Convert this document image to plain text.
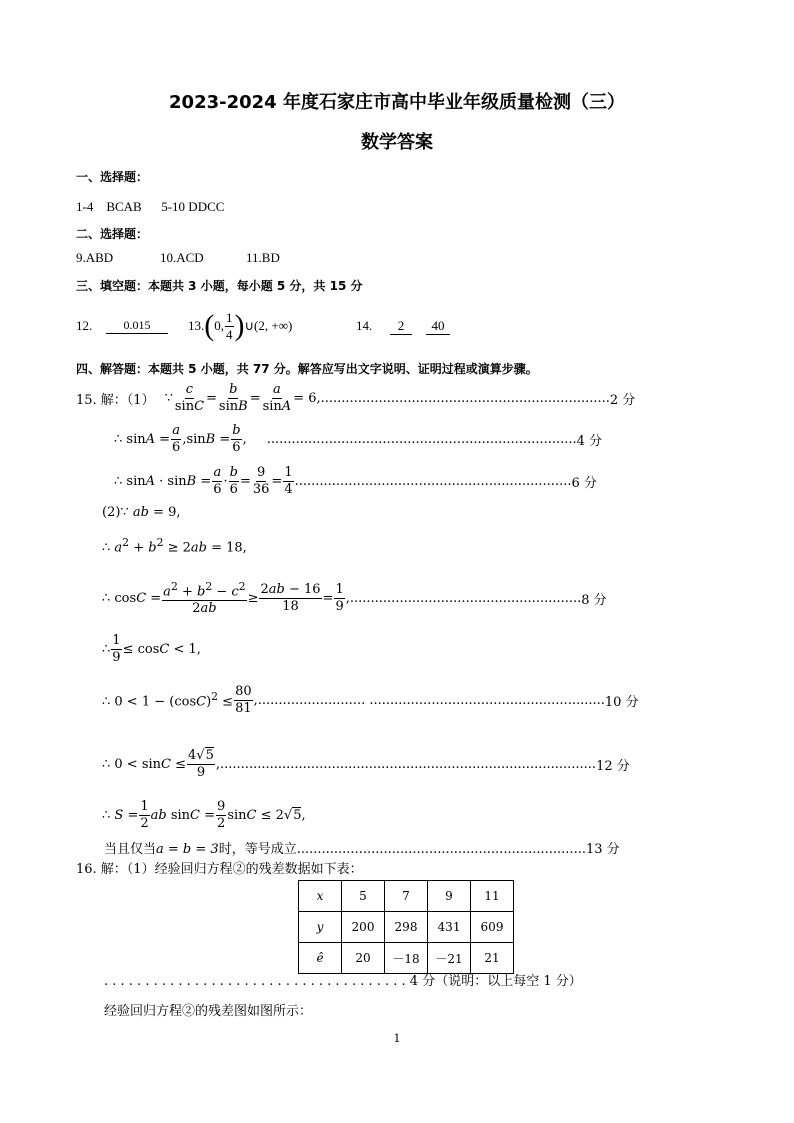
2023-2024 年度石家庄市高中毕业年级质量检测（三）
数学答案
一、选择题：
1-4    BCAB      5-10 DDCC
二、选择题：
9.ABD	10.ACD	11.BD
三、填空题：本题共 3 小题，每小题 5 分，共 15 分
12.	0.015	13. ( 0, $\frac{1}{4}$ ) ∪( 2, +∞ )	14.	2	40
四、解答题：本题共 5 小题，共 77 分。解答应写出文字说明、证明过程或演算步骤。
15. 解：（1） ∵ $\frac{c}{\sin C} = \frac{b}{\sin B} = \frac{a}{\sin A} = 6$, ...................................................................... 2 分
∴ $\sin A = \frac{a}{6} ,\sin B = \frac{b}{6}$ , ........................................................................... 4 分
∴ $\sin A \cdot \sin B = \frac{a}{6} \cdot \frac{b}{6} = \frac{9}{36} = \frac{1}{4}$ ................................................................... 6 分
(2)∵ ab = 9,
∴ $a^2 + b^2 \ge 2ab = 18$,
∴ $\cos C = \frac{a^2 + b^2 - c^2}{2ab} \ge \frac{2ab - 16}{18} = \frac{1}{9}$ , ........................................................ 8 分
∴ $\frac{1}{9} \le \cos C < 1$,
∴ $0 < 1 - (\cos C)^2 \le \frac{80}{81}$ , .......................... ......................................................... 10 分
∴ $0 < \sin C \le \frac{4√5}{9}$ , ........................................................................................... 12 分
∴ $S = \frac{1}{2}$ ab $\sin C = \frac{9}{2}$ sinC ≤ 2√5,
当且仅当a = b = 3时，等号成立......................................................................13 分
16. 解：（1）经验回归方程②的残差数据如下表：
x	5	7	9	11
y	200	298	431	609
ê	20	－18	－21	21
. . . . . . . . . . . . . . . . . . . . . . . . . . . . . . . . . . . . . 4 分（说明：以上每空 1 分）
经验回归方程②的残差图如图所示：
1
